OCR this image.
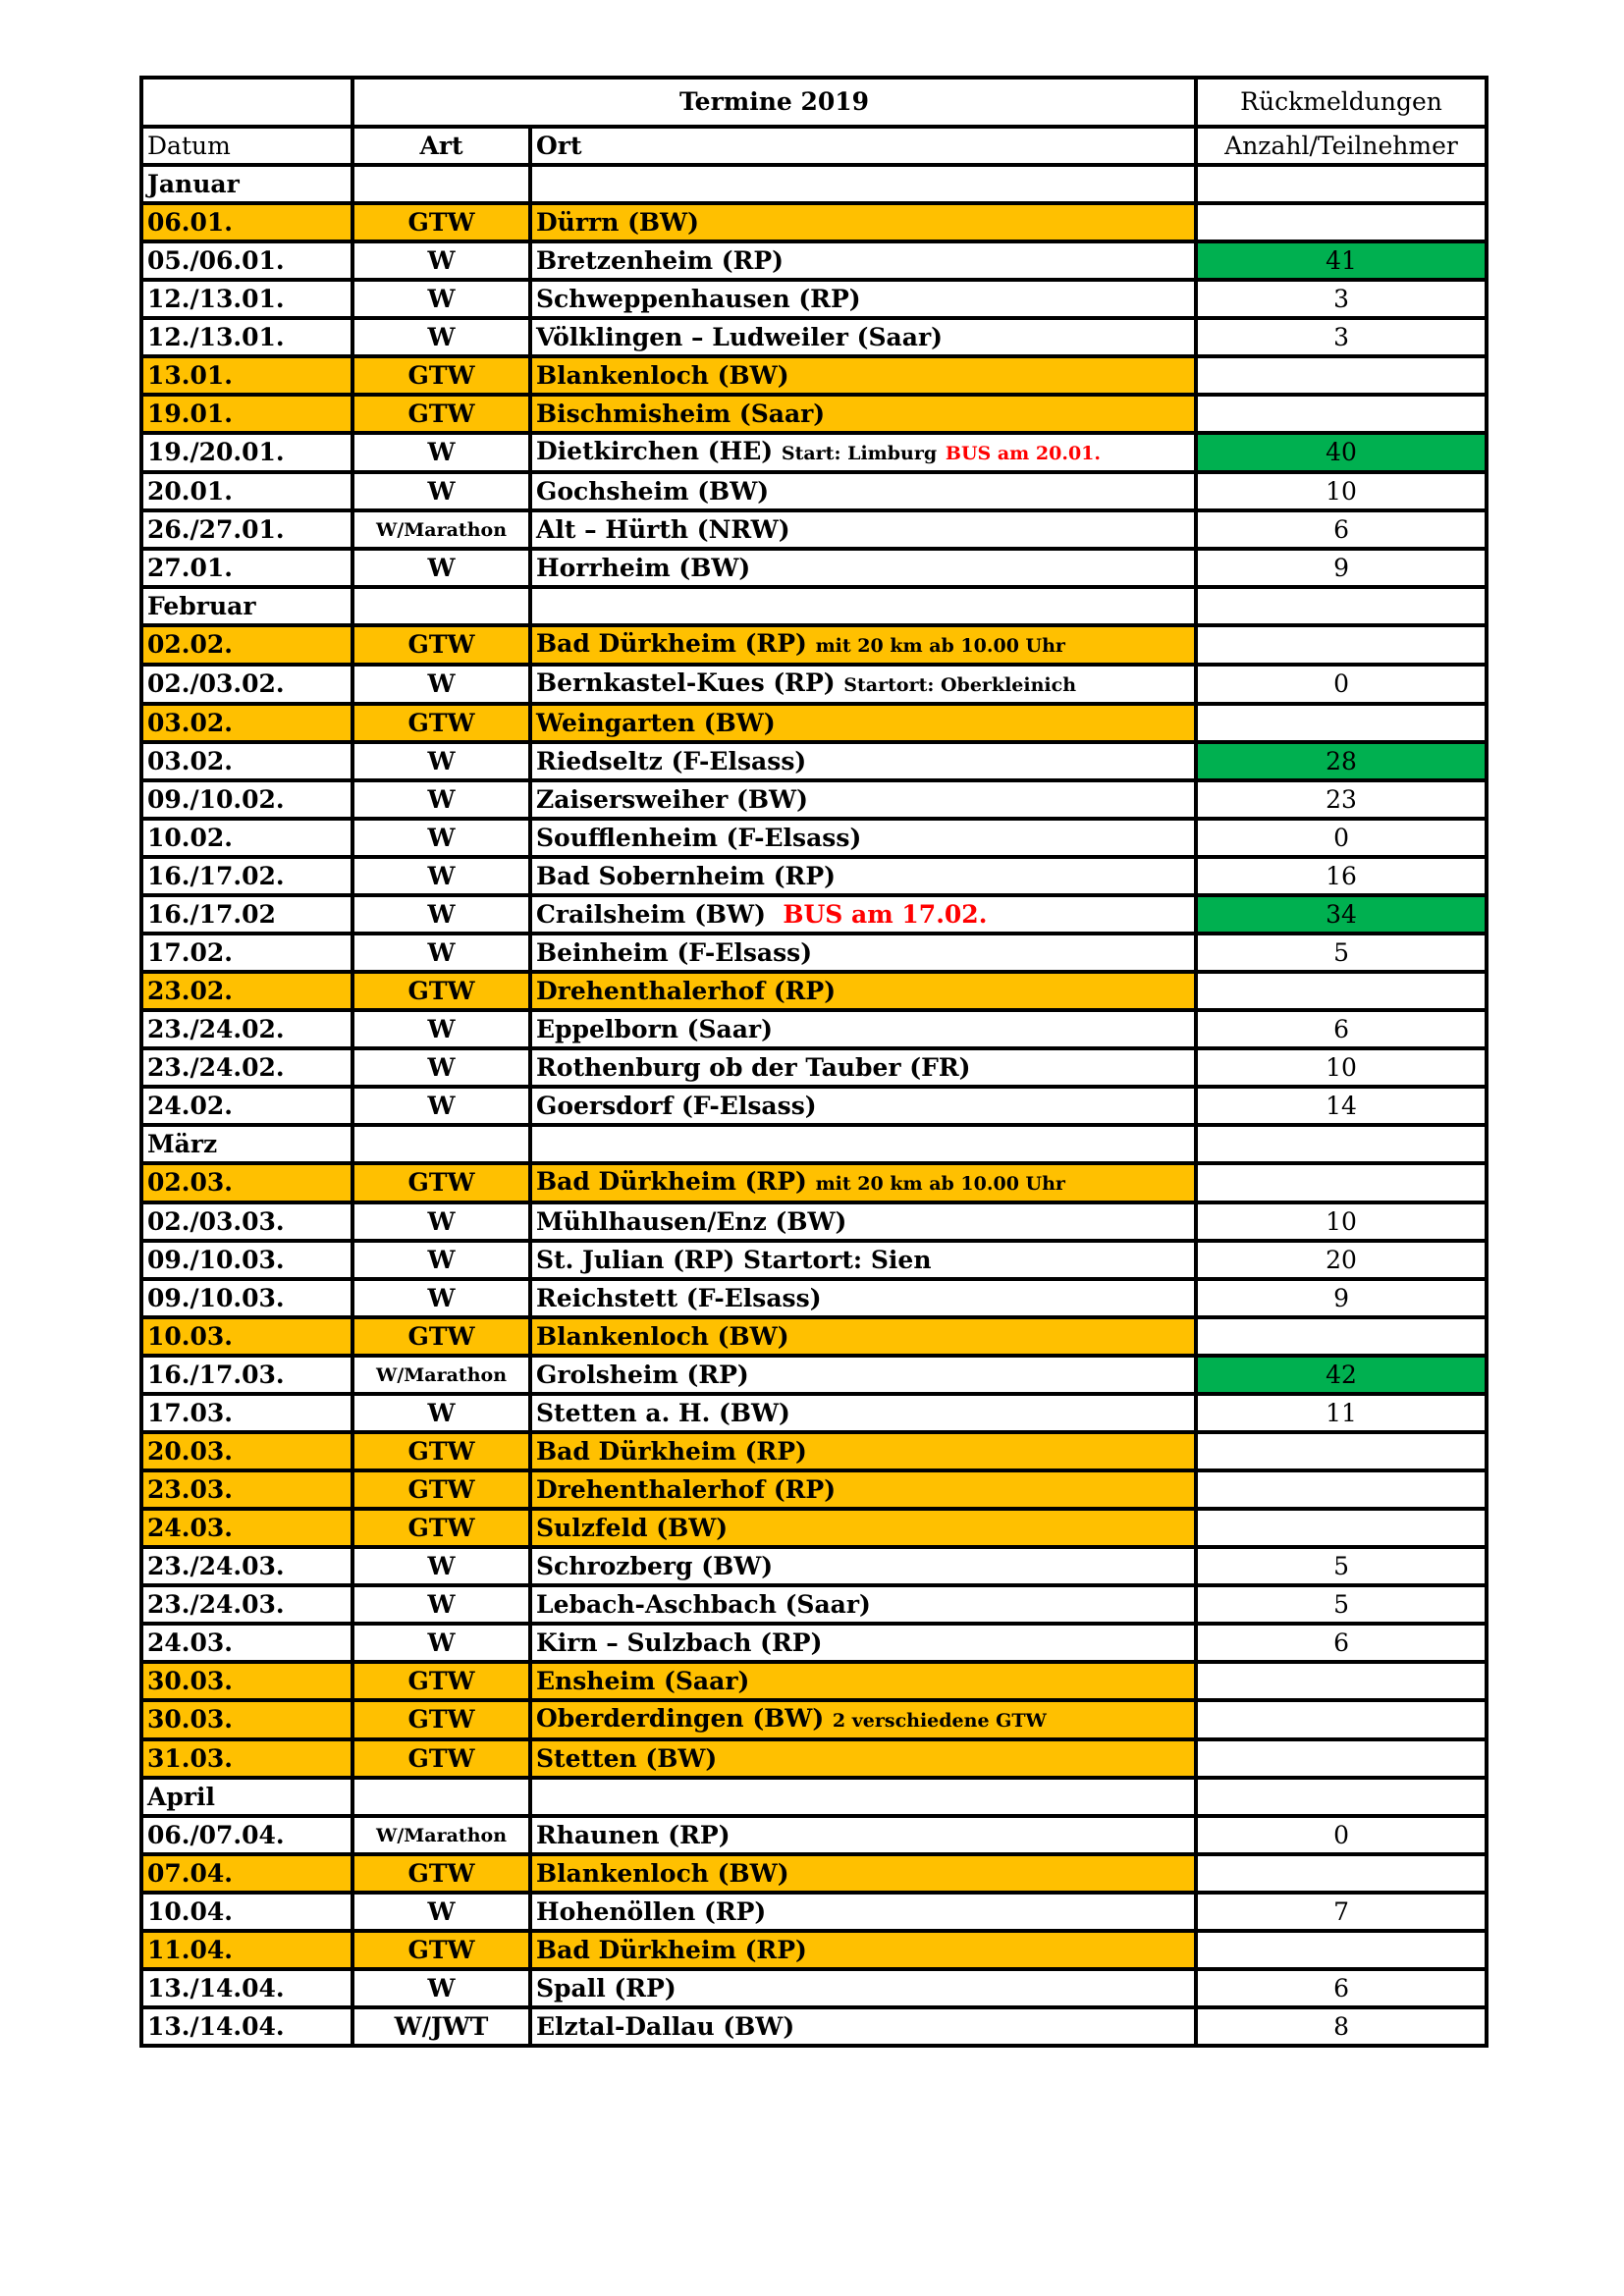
	Termine 2019		Rückmeldungen
Datum	Art	Ort	Anzahl/Teilnehmer
Januar			
06.01.	GTW	Dürrn (BW)	
05./06.01.	W	Bretzenheim (RP)	41
12./13.01.	W	Schweppenhausen (RP)	3
12./13.01.	W	Völklingen – Ludweiler (Saar)	3
13.01.	GTW	Blankenloch (BW)	
19.01.	GTW	Bischmisheim (Saar)	
19./20.01.	W	Dietkirchen (HE) Start: Limburg BUS am 20.01.	40
20.01.	W	Gochsheim (BW)	10
26./27.01.	W/Marathon	Alt – Hürth (NRW)	6
27.01.	W	Horrheim (BW)	9
Februar			
02.02.	GTW	Bad Dürkheim (RP) mit 20 km ab 10.00 Uhr	
02./03.02.	W	Bernkastel-Kues (RP) Startort: Oberkleinich	0
03.02.	GTW	Weingarten (BW)	
03.02.	W	Riedseltz (F-Elsass)	28
09./10.02.	W	Zaisersweiher (BW)	23
10.02.	W	Soufflenheim (F-Elsass)	0
16./17.02.	W	Bad Sobernheim (RP)	16
16./17.02	W	Crailsheim (BW) BUS am 17.02.	34
17.02.	W	Beinheim (F-Elsass)	5
23.02.	GTW	Drehenthalerhof (RP)	
23./24.02.	W	Eppelborn (Saar)	6
23./24.02.	W	Rothenburg ob der Tauber (FR)	10
24.02.	W	Goersdorf (F-Elsass)	14
März			
02.03.	GTW	Bad Dürkheim (RP) mit 20 km ab 10.00 Uhr	
02./03.03.	W	Mühlhausen/Enz (BW)	10
09./10.03.	W	St. Julian (RP) Startort: Sien	20
09./10.03.	W	Reichstett (F-Elsass)	9
10.03.	GTW	Blankenloch (BW)	
16./17.03.	W/Marathon	Grolsheim (RP)	42
17.03.	W	Stetten a. H. (BW)	11
20.03.	GTW	Bad Dürkheim (RP)	
23.03.	GTW	Drehenthalerhof (RP)	
24.03.	GTW	Sulzfeld (BW)	
23./24.03.	W	Schrozberg (BW)	5
23./24.03.	W	Lebach-Aschbach (Saar)	5
24.03.	W	Kirn – Sulzbach (RP)	6
30.03.	GTW	Ensheim (Saar)	
30.03.	GTW	Oberderdingen (BW) 2 verschiedene GTW	
31.03.	GTW	Stetten (BW)	
April			
06./07.04.	W/Marathon	Rhaunen (RP)	0
07.04.	GTW	Blankenloch (BW)	
10.04.	W	Hohenöllen (RP)	7
11.04.	GTW	Bad Dürkheim (RP)	
13./14.04.	W	Spall (RP)	6
13./14.04.	W/JWT	Elztal-Dallau (BW)	8
